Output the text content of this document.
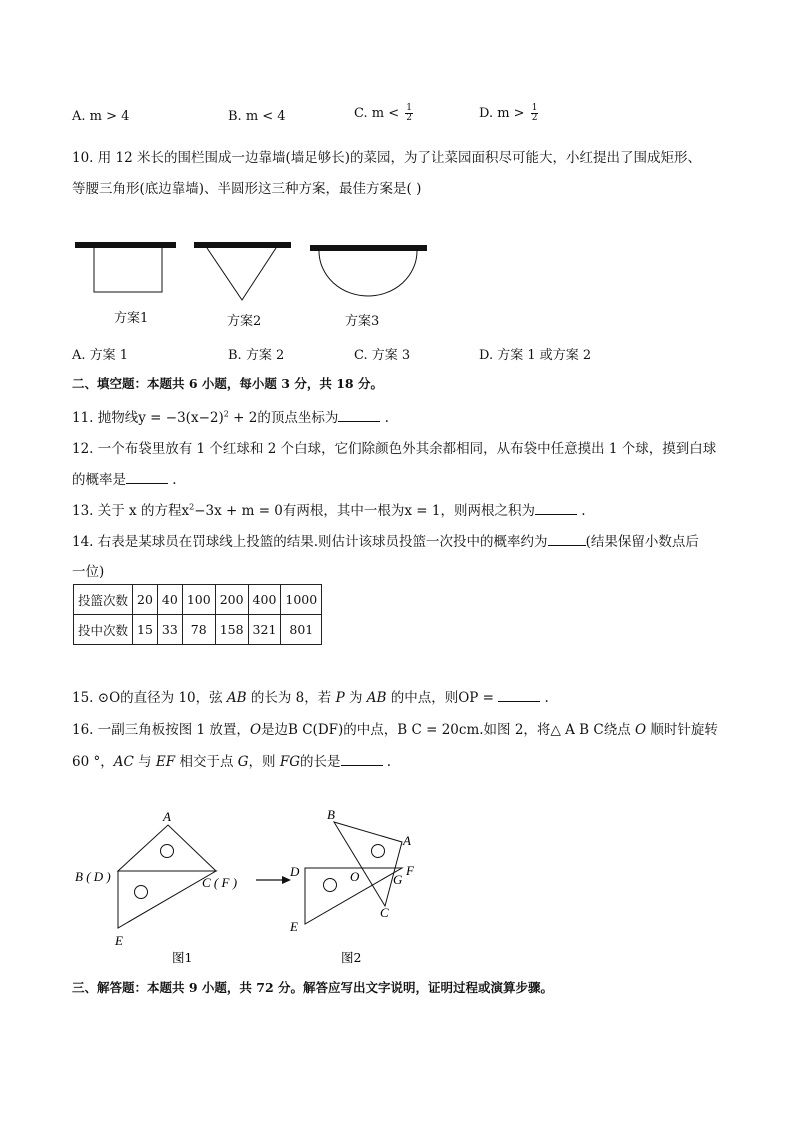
A. m > 4	B. m < 4	C. $m < \frac{1}{2}$	D. $m > \frac{1}{2}$
10. 用 12 米长的围栏围成一边靠墙(墙足够长)的菜园，为了让菜园面积尽可能大，小红提出了围成矩形、
等腰三角形(底边靠墙)、半圆形这三种方案，最佳方案是( )
方案1	方案2	方案3
A. 方案 1	B. 方案 2	C. 方案 3	D. 方案 1 或方案 2
二、填空题：本题共 6 小题，每小题 3 分，共 18 分。
11. 抛物线$y = -3(x-2)^2 + 2$的顶点坐标为	.
12. 一个布袋里放有 1 个红球和 2 个白球，它们除颜色外其余都相同，从布袋中任意摸出 1 个球，摸到白球
的概率是	.
13. 关于 x 的方程$x^2-3x + m = 0$有两根，其中一根为x = 1，则两根之积为	.
14. 右表是某球员在罚球线上投篮的结果.则估计该球员投篮一次投中的概率约为	(结果保留小数点后
一位)
投篮次数	20	40	100	200	400	1000
投中次数	15	33	78	158	321	801
15. ⊙O的直径为 10，弦 AB 的长为 8，若 P 为 AB 的中点，则OP =	.
16. 一副三角板按图 1 放置，O是边B C(DF)的中点，B C = 20cm.如图 2，将△ A B C绕点 O 顺时针旋转
60 °，AC 与 EF 相交于点 G，则 FG的长是	.
A
B ( D )	C ( F )
E
图1
B
A
D	O	G
F
C
E
图2
三、解答题：本题共 9 小题，共 72 分。解答应写出文字说明，证明过程或演算步骤。
